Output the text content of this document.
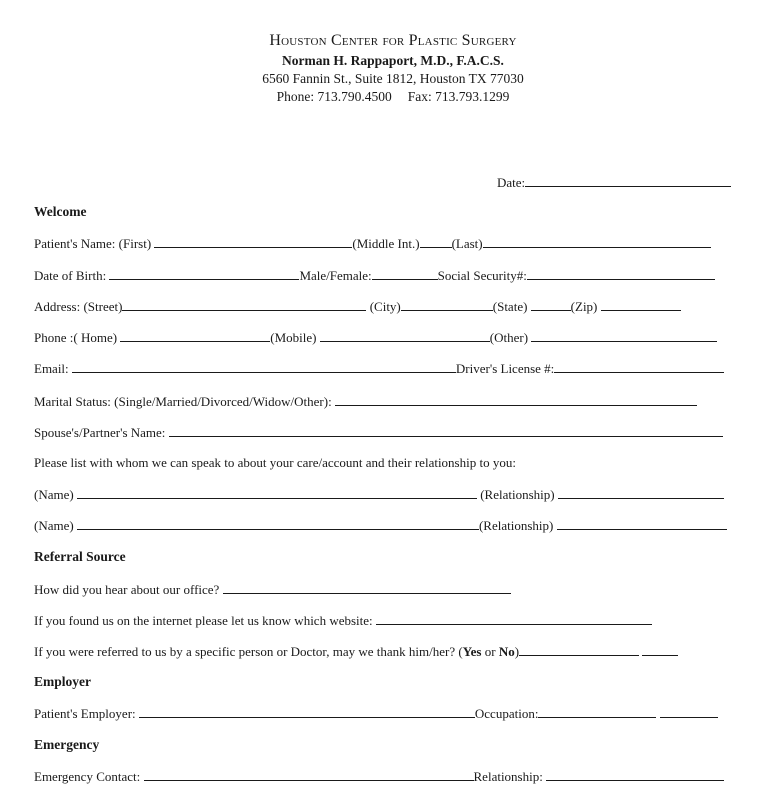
Houston Center for Plastic Surgery
Norman H. Rappaport, M.D., F.A.C.S.
6560 Fannin St., Suite 1812, Houston TX 77030
Phone: 713.790.4500 Fax: 713.793.1299
Date:
Welcome
Patient's Name: (First)	(Middle Int.) (Last)
Date of Birth:	Male/Female:	Social Security#:
Address: (Street)	(City)	(State)	(Zip)
Phone :( Home)	(Mobile)	(Other)
Email:	Driver's License #:
Marital Status: (Single/Married/Divorced/Widow/Other):
Spouse's/Partner's Name:
Please list with whom we can speak to about your care/account and their relationship to you:
(Name)	(Relationship)
(Name)	(Relationship)
Referral Source
How did you hear about our office?
If you found us on the internet please let us know which website:
If you were referred to us by a specific person or Doctor, may we thank him/her? (Yes or No)
Employer
Patient's Employer:	Occupation:
Emergency
Emergency Contact:	Relationship:
